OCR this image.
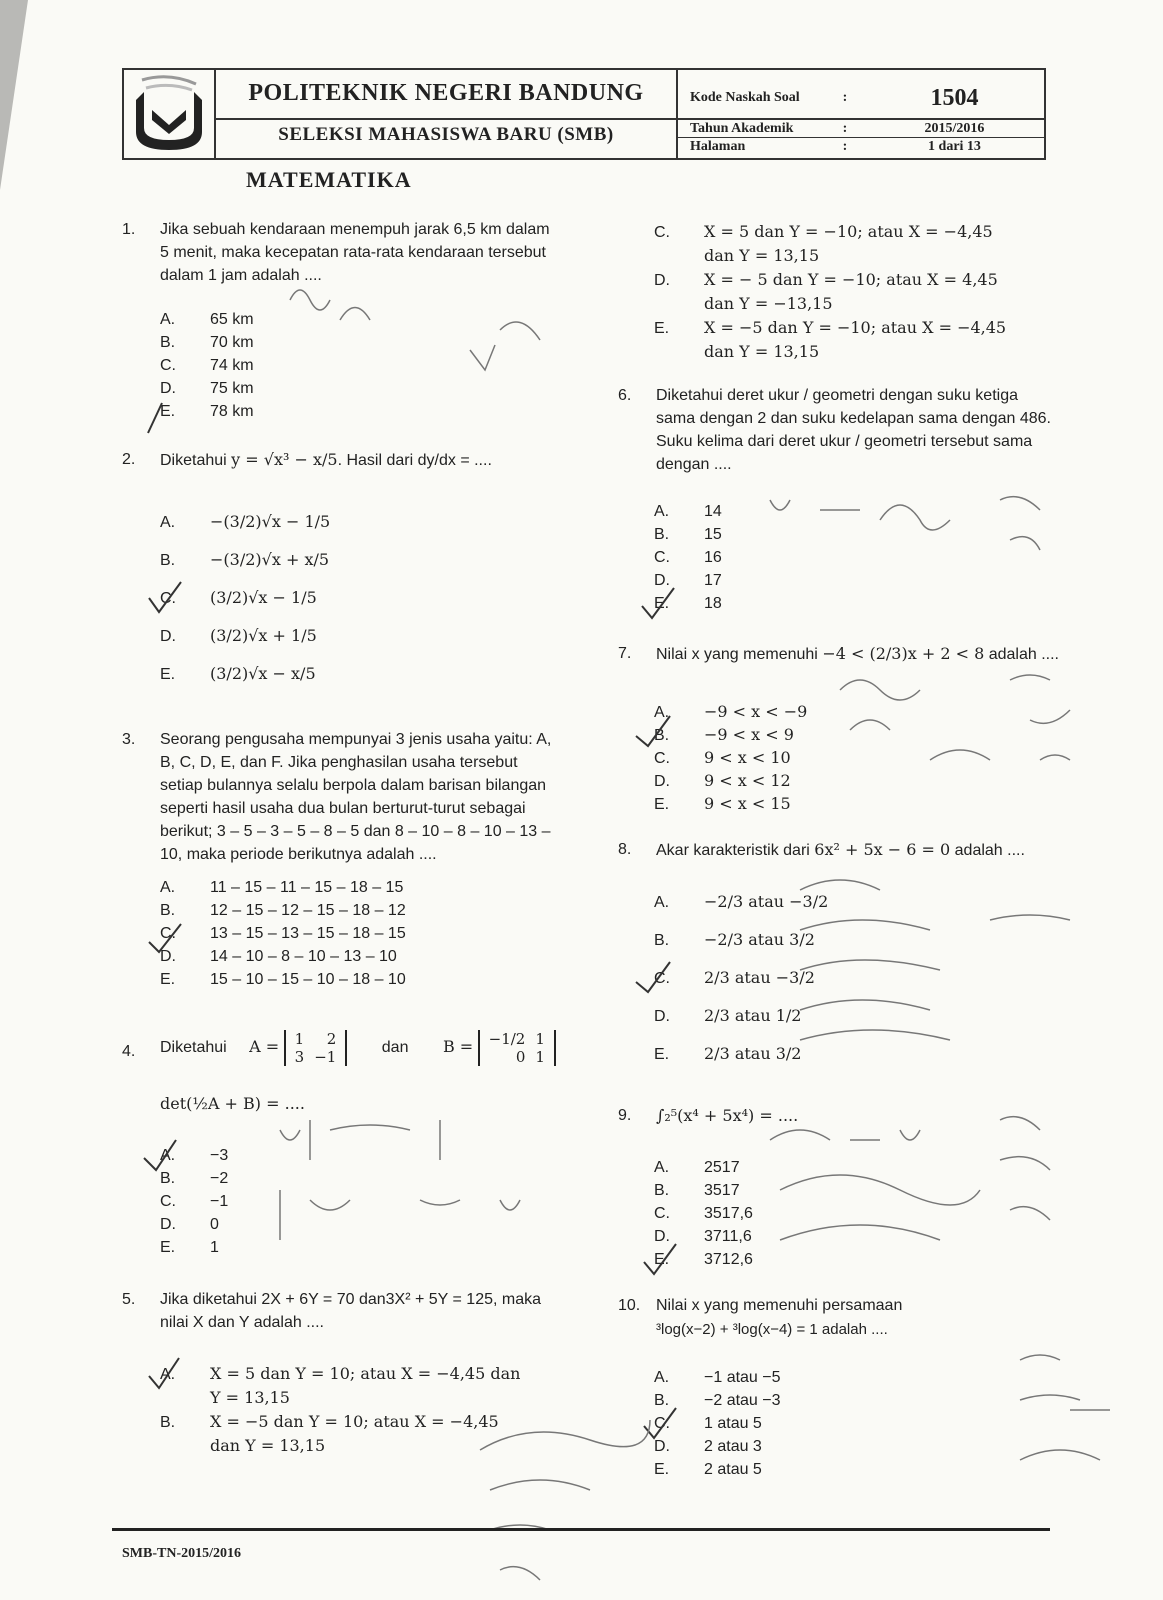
POLITEKNIK NEGERI BANDUNG
SELEKSI MAHASISWA BARU (SMB)
Kode Naskah Soal	:	1504
Tahun Akademik	:	2015/2016
Halaman	:	1 dari 13
MATEMATIKA
1. Jika sebuah kendaraan menempuh jarak 6,5 km dalam 5 menit, maka kecepatan rata-rata kendaraan tersebut dalam 1 jam adalah ....
A. 65 km
B. 70 km
C. 74 km
D. 75 km
E. 78 km
2. Diketahui y = √x³ − x/5. Hasil dari dy/dx = ....
A. −(3/2)√x − 1/5
B. −(3/2)√x + x/5
C. (3/2)√x − 1/5
D. (3/2)√x + 1/5
E. (3/2)√x − x/5
3. Seorang pengusaha mempunyai 3 jenis usaha yaitu: A, B, C, D, E, dan F. Jika penghasilan usaha tersebut setiap bulannya selalu berpola dalam barisan bilangan seperti hasil usaha dua bulan berturut-turut sebagai berikut; 3 – 5 – 3 – 5 – 8 – 5 dan 8 – 10 – 8 – 10 – 13 – 10, maka periode berikutnya adalah ....
A. 11 – 15 – 11 – 15 – 18 – 15
B. 12 – 15 – 12 – 15 – 18 – 12
C. 13 – 15 – 13 – 15 – 18 – 15
D. 14 – 10 – 8 – 10 – 13 – 10
E. 15 – 10 – 15 – 10 – 18 – 10
4. Diketahui A = 1	2
3	−1
dan B = −1/2	1
0	1
det(½A + B) = ....
A. −3
B. −2
C. −1
D. 0
E. 1
5. Jika diketahui 2X + 6Y = 70 dan3X² + 5Y = 125, maka nilai X dan Y adalah ....
A. X = 5 dan Y = 10; atau X = −4,45 dan
Y = 13,15
B. X = −5 dan Y = 10; atau X = −4,45
dan Y = 13,15
C. X = 5 dan Y = −10; atau X = −4,45
dan Y = 13,15
D. X = − 5 dan Y = −10; atau X = 4,45
dan Y = −13,15
E. X = −5 dan Y = −10; atau X = −4,45
dan Y = 13,15
6. Diketahui deret ukur / geometri dengan suku ketiga sama dengan 2 dan suku kedelapan sama dengan 486. Suku kelima dari deret ukur / geometri tersebut sama dengan ....
A. 14
B. 15
C. 16
D. 17
E. 18
7. Nilai x yang memenuhi −4 < (2/3)x + 2 < 8 adalah ....
A. −9 < x < −9
B. −9 < x < 9
C. 9 < x < 10
D. 9 < x < 12
E. 9 < x < 15
8. Akar karakteristik dari 6x² + 5x − 6 = 0 adalah ....
A. −2/3 atau −3/2
B. −2/3 atau 3/2
C. 2/3 atau −3/2
D. 2/3 atau 1/2
E. 2/3 atau 3/2
9. ∫₂⁵(x⁴ + 5x⁴) = ....
A. 2517
B. 3517
C. 3517,6
D. 3711,6
E. 3712,6
10. Nilai x yang memenuhi persamaan
³log(x−2) + ³log(x−4) = 1 adalah ....
A. −1 atau −5
B. −2 atau −3
C. 1 atau 5
D. 2 atau 3
E. 2 atau 5
SMB-TN-2015/2016
